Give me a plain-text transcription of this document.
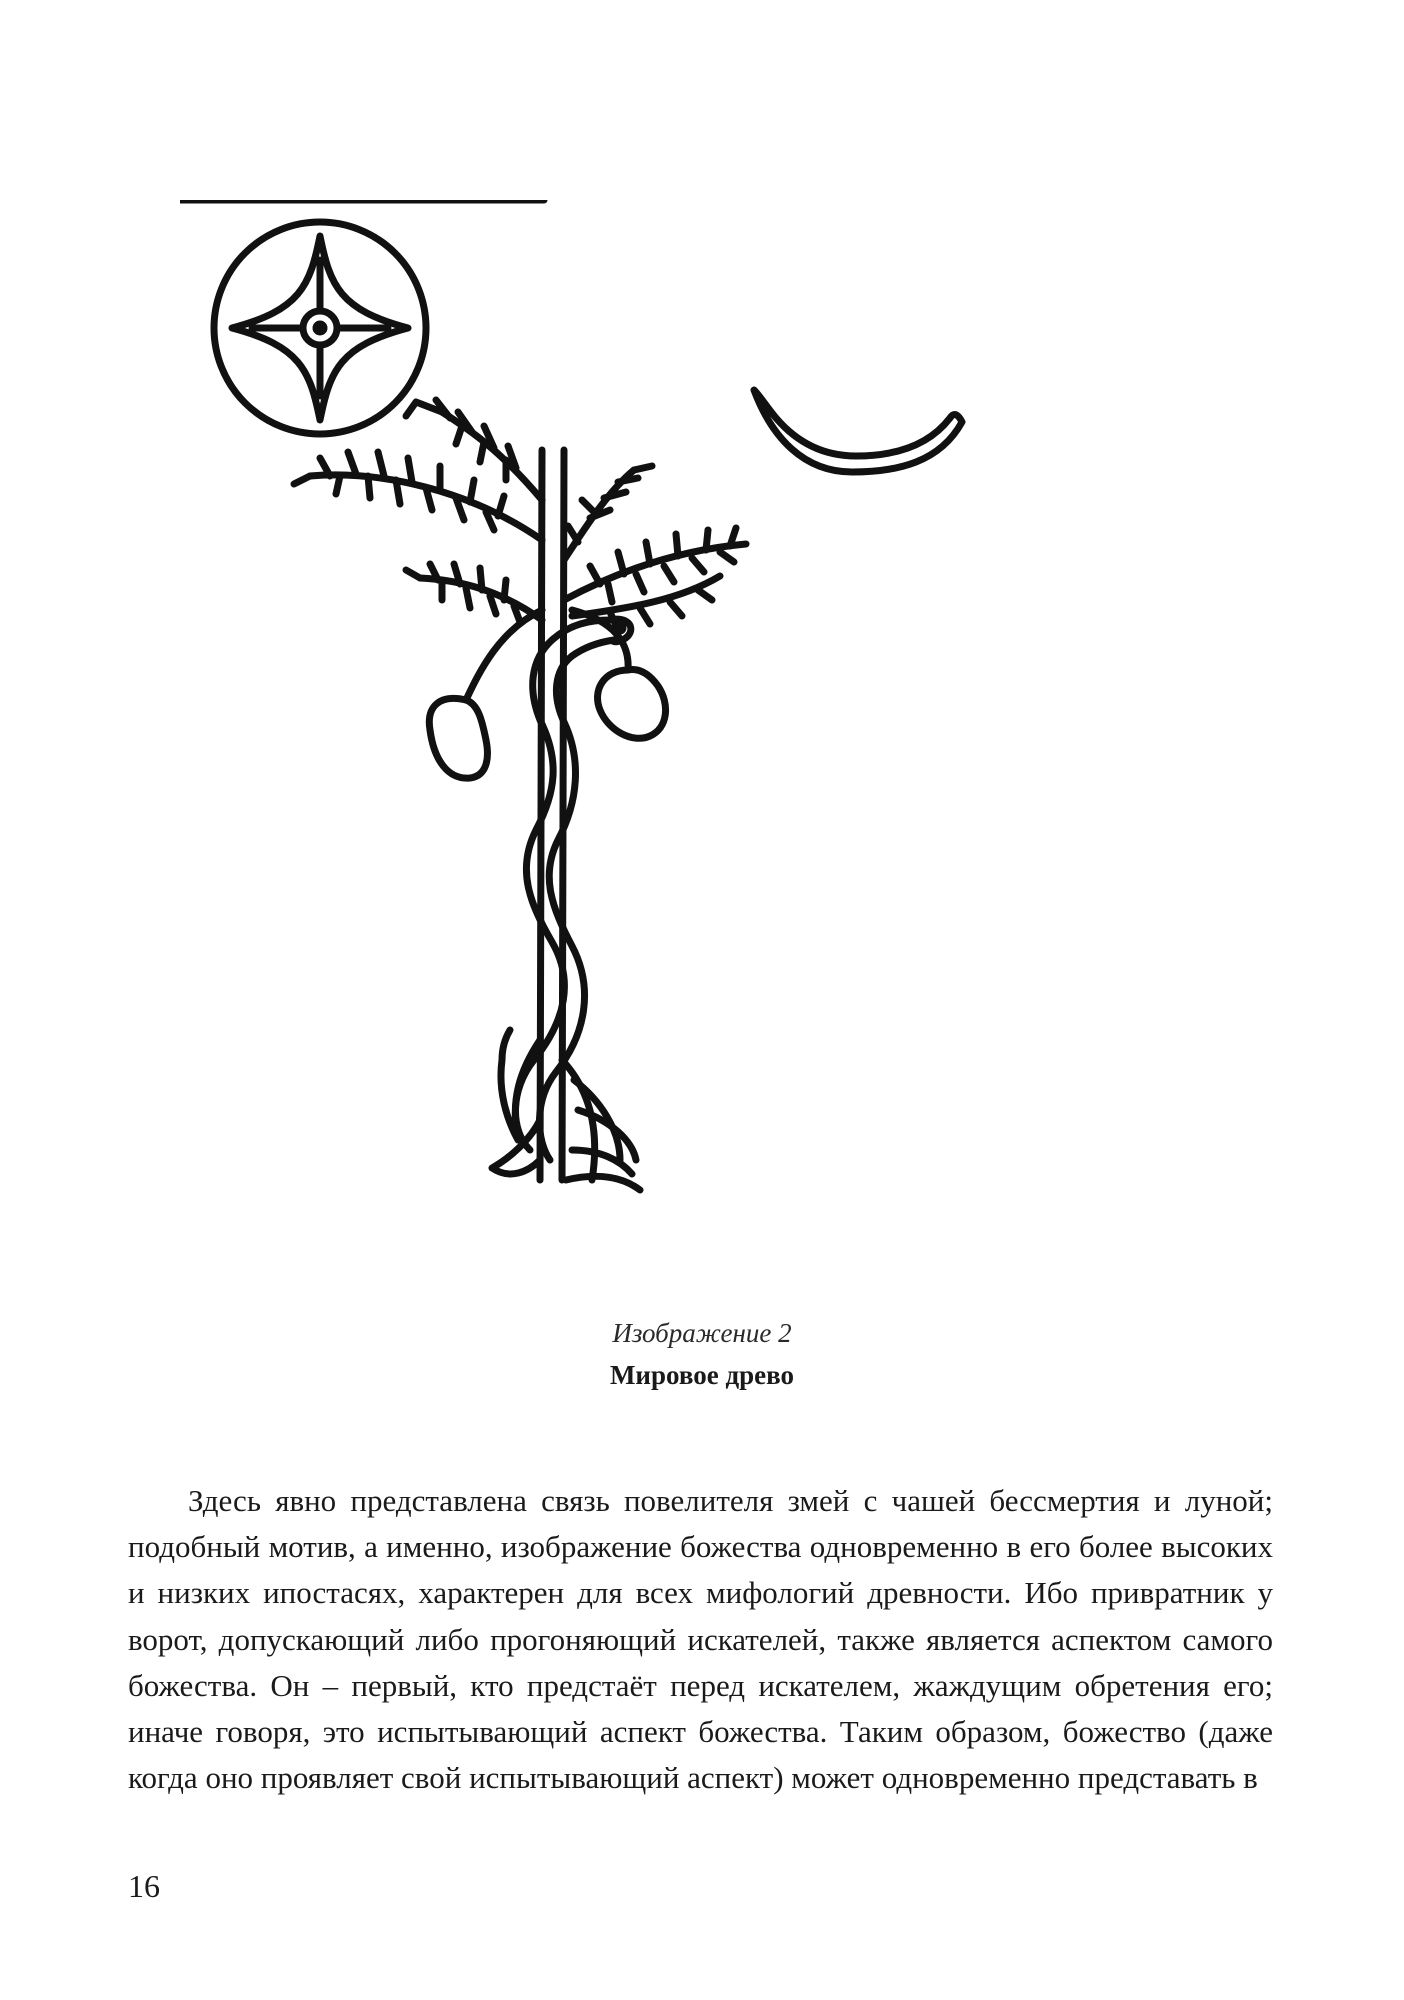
Изображение 2
Мировое древо

Здесь явно представлена связь повелителя змей с чашей бессмертия и луной; подобный мотив, а именно, изображение божества одновременно в его более высоких и низких ипостасях, характерен для всех мифологий древности. Ибо привратник у ворот, допускающий либо прогоняющий искателей, также является аспектом самого божества. Он – первый, кто предстаёт перед искателем, жаждущим обретения его; иначе говоря, это испытывающий аспект божества. Таким образом, божество (даже когда оно проявляет свой испытывающий аспект) может одновременно представать в

16
